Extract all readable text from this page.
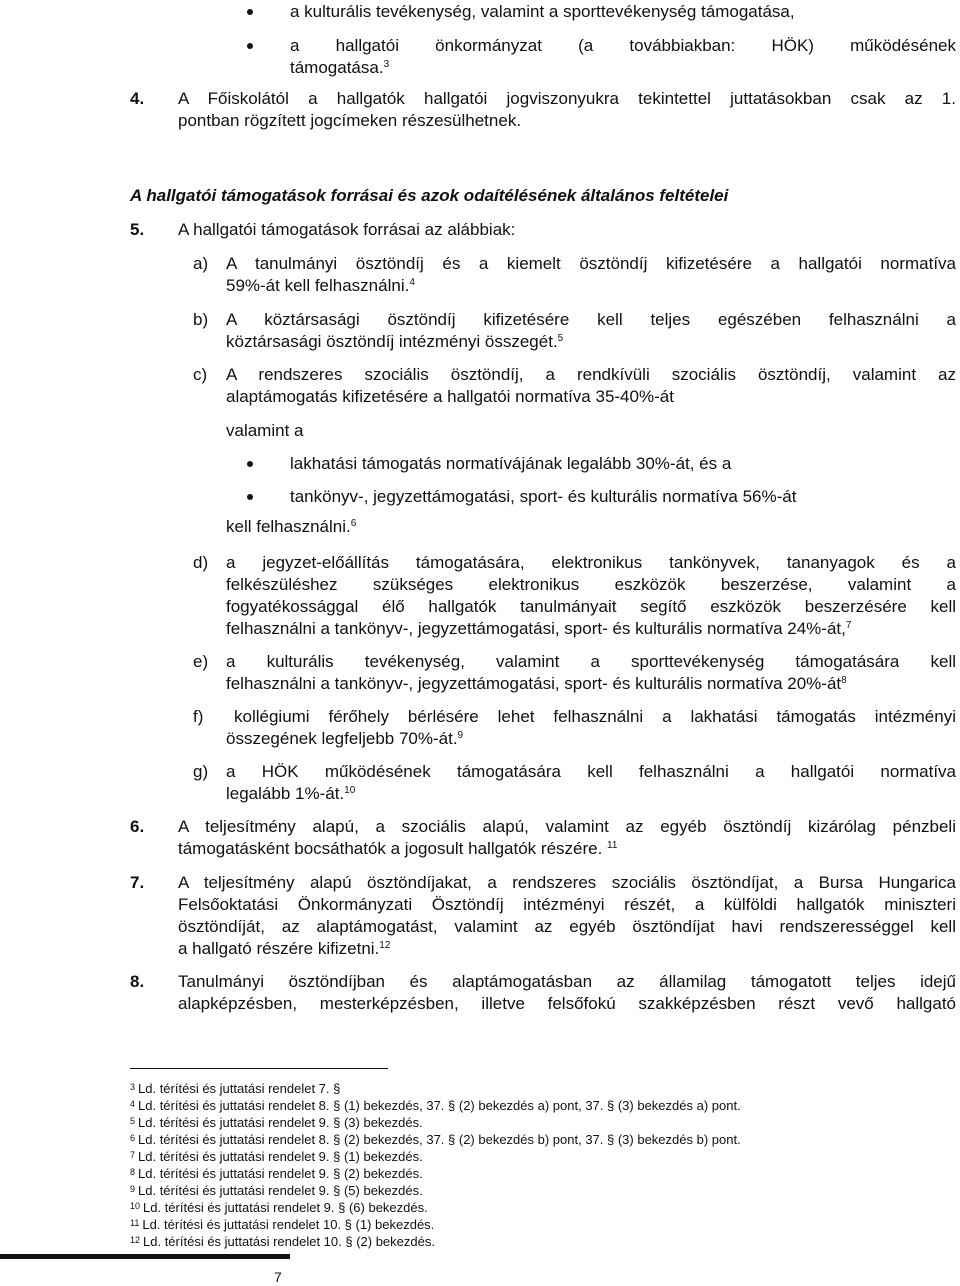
a kulturális tevékenység, valamint a sporttevékenység támogatása,
a hallgatói önkormányzat (a továbbiakban: HÖK) működésének
támogatása.$^3$
4. A Főiskolától a hallgatók hallgatói jogviszonyukra tekintettel juttatásokban csak az 1.
pontban rögzített jogcímeken részesülhetnek.
A hallgatói támogatások forrásai és azok odaítélésének általános feltételei
5. A hallgatói támogatások forrásai az alábbiak:
a) A tanulmányi ösztöndíj és a kiemelt ösztöndíj kifizetésére a hallgatói normatíva
59%-át kell felhasználni.$^4$
b) A köztársasági ösztöndíj kifizetésére kell teljes egészében felhasználni a
köztársasági ösztöndíj intézményi összegét.$^5$
c) A rendszeres szociális ösztöndíj, a rendkívüli szociális ösztöndíj, valamint az
alaptámogatás kifizetésére a hallgatói normatíva 35-40%-át
valamint a
lakhatási támogatás normatívájának legalább 30%-át, és a
tankönyv-, jegyzettámogatási, sport- és kulturális normatíva 56%-át
kell felhasználni.$^6$
d) a jegyzet-előállítás támogatására, elektronikus tankönyvek, tananyagok és a
felkészüléshez szükséges elektronikus eszközök beszerzése, valamint a
fogyatékossággal élő hallgatók tanulmányait segítő eszközök beszerzésére kell
felhasználni a tankönyv-, jegyzettámogatási, sport- és kulturális normatíva 24%-át,$^7$
e) a kulturális tevékenység, valamint a sporttevékenység támogatására kell
felhasználni a tankönyv-, jegyzettámogatási, sport- és kulturális normatíva $20\%-át^8$
f) kollégiumi férőhely bérlésére lehet felhasználni a lakhatási támogatás intézményi
összegének legfeljebb 70%-át.$^9$
g) a HÖK működésének támogatására kell felhasználni a hallgatói normatíva
legalább 1%-át.$^{10}$
6. A teljesítmény alapú, a szociális alapú, valamint az egyéb ösztöndíj kizárólag pénzbeli
támogatásként bocsáthatók a jogosult hallgatók részére. $^{11}$
7. A teljesítmény alapú ösztöndíjakat, a rendszeres szociális ösztöndíjat, a Bursa Hungarica
Felsőoktatási Önkormányzati Ösztöndíj intézményi részét, a külföldi hallgatók miniszteri
ösztöndíját, az alaptámogatást, valamint az egyéb ösztöndíjat havi rendszerességgel kell
a hallgató részére kifizetni.$^{12}$
8. Tanulmányi ösztöndíjban és alaptámogatásban az államilag támogatott teljes idejű
alapképzésben, mesterképzésben, illetve felsőfokú szakképzésben részt vevő hallgató
$^3$ Ld. térítési és juttatási rendelet 7. §
$^4$ Ld. térítési és juttatási rendelet 8. § (1) bekezdés, 37. § (2) bekezdés a) pont, 37. § (3) bekezdés a) pont.
$^5$ Ld. térítési és juttatási rendelet 9. § (3) bekezdés.
$^6$ Ld. térítési és juttatási rendelet 8. § (2) bekezdés, 37. § (2) bekezdés b) pont, 37. § (3) bekezdés b) pont.
$^7$ Ld. térítési és juttatási rendelet 9. § (1) bekezdés.
$^8$ Ld. térítési és juttatási rendelet 9. § (2) bekezdés.
$^9$ Ld. térítési és juttatási rendelet 9. § (5) bekezdés.
$^{10}$ Ld. térítési és juttatási rendelet 9. § (6) bekezdés.
$^{11}$ Ld. térítési és juttatási rendelet 10. § (1) bekezdés.
$^{12}$ Ld. térítési és juttatási rendelet 10. § (2) bekezdés.
7
